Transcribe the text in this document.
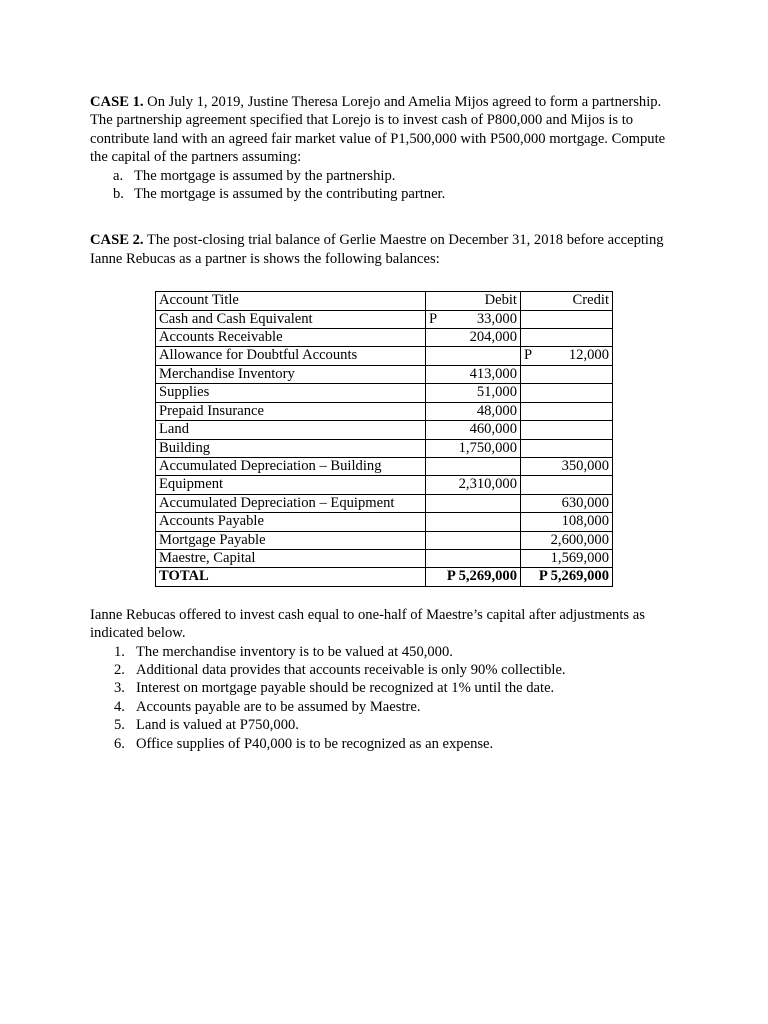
CASE 1. On July 1, 2019, Justine Theresa Lorejo and Amelia Mijos agreed to form a partnership. The partnership agreement specified that Lorejo is to invest cash of P800,000 and Mijos is to contribute land with an agreed fair market value of P1,500,000 with P500,000 mortgage. Compute the capital of the partners assuming:

a. The mortgage is assumed by the partnership.
b. The mortgage is assumed by the contributing partner.

CASE 2. The post-closing trial balance of Gerlie Maestre on December 31, 2018 before accepting Ianne Rebucas as a partner is shows the following balances:

Account Title	Debit	Credit
Cash and Cash Equivalent	P 33,000	

Accounts Receivable	204,000	

Allowance for Doubtful Accounts		P 12,000

Merchandise Inventory	413,000	

Supplies	51,000	

Prepaid Insurance	48,000	

Land	460,000	

Building	1,750,000	

Accumulated Depreciation – Building		350,000

Equipment	2,310,000	

Accumulated Depreciation – Equipment		630,000

Accounts Payable		108,000

Mortgage Payable		2,600,000

Maestre, Capital		1,569,000

TOTAL	P 5,269,000	P 5,269,000

Ianne Rebucas offered to invest cash equal to one-half of Maestre’s capital after adjustments as indicated below.

1. The merchandise inventory is to be valued at 450,000.
2. Additional data provides that accounts receivable is only 90% collectible.
3. Interest on mortgage payable should be recognized at 1% until the date.
4. Accounts payable are to be assumed by Maestre.
5. Land is valued at P750,000.
6. Office supplies of P40,000 is to be recognized as an expense.
